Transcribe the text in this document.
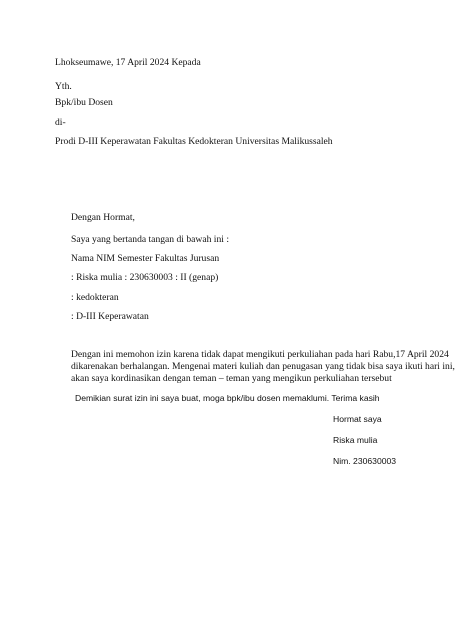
Lhokseumawe, 17 April 2024 Kepada
Yth.
Bpk/ibu Dosen
di-
Prodi D-III Keperawatan Fakultas Kedokteran Universitas Malikussaleh
Dengan Hormat,
Saya yang bertanda tangan di bawah ini :
Nama NIM Semester Fakultas Jurusan
: Riska mulia : 230630003 : II (genap)
: kedokteran
: D-III Keperawatan
Dengan ini memohon izin karena tidak dapat mengikuti perkuliahan pada hari Rabu,17 April 2024
dikarenakan berhalangan. Mengenai materi kuliah dan penugasan yang tidak bisa saya ikuti hari ini,
akan saya kordinasikan dengan teman – teman yang mengikun perkuliahan tersebut
Demikian surat izin ini saya buat, moga bpk/ibu dosen memaklumi. Terima kasih
Hormat saya
Riska mulia
Nim. 230630003
